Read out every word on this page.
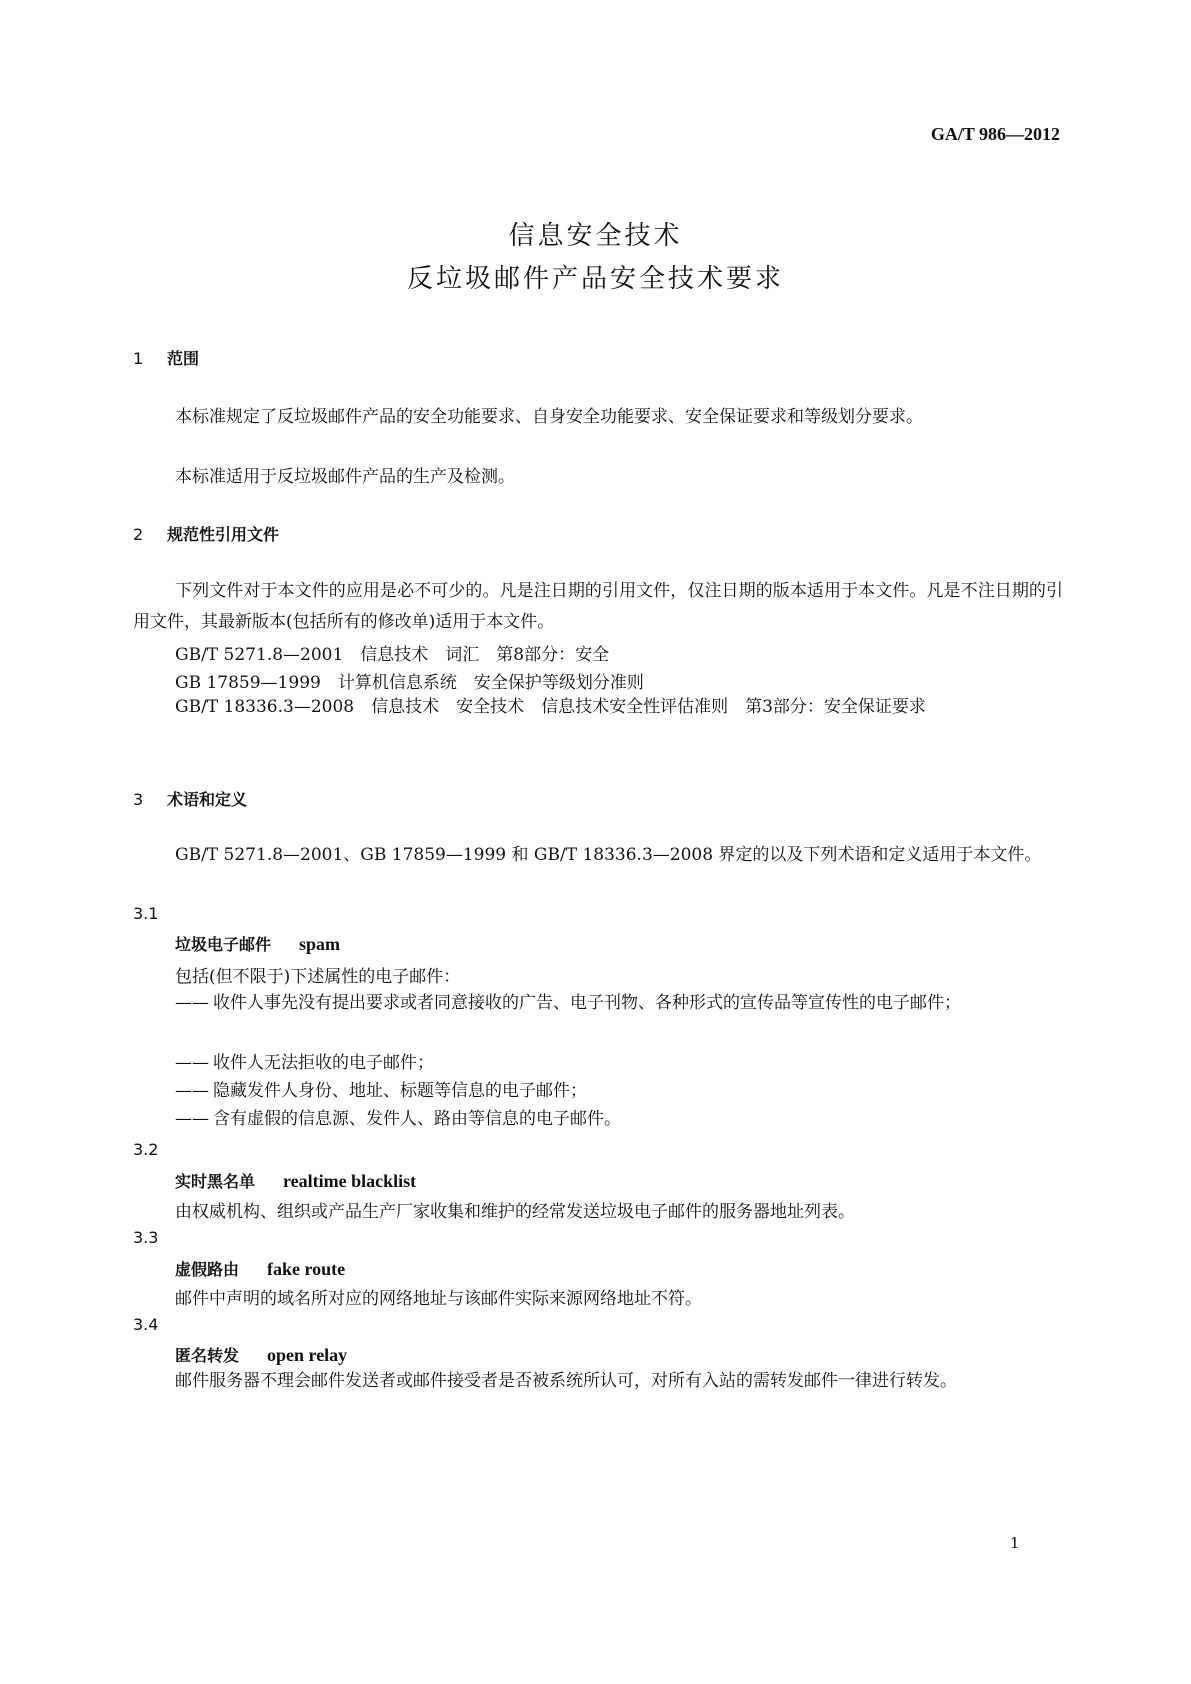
GA/T 986—2012
信息安全技术
反垃圾邮件产品安全技术要求
1 范围
本标准规定了反垃圾邮件产品的安全功能要求、自身安全功能要求、安全保证要求和等级划分要求。
本标准适用于反垃圾邮件产品的生产及检测。
2 规范性引用文件
下列文件对于本文件的应用是必不可少的。凡是注日期的引用文件，仅注日期的版本适用于本文件。凡是不注日期的引用文件，其最新版本(包括所有的修改单)适用于本文件。
GB/T 5271.8—2001　信息技术　词汇　第8部分：安全
GB 17859—1999　计算机信息系统　安全保护等级划分准则
GB/T 18336.3—2008　信息技术　安全技术　信息技术安全性评估准则　第3部分：安全保证要求
3 术语和定义
GB/T 5271.8—2001、GB 17859—1999 和 GB/T 18336.3—2008 界定的以及下列术语和定义适用于本文件。
3.1
垃圾电子邮件 spam
包括(但不限于)下述属性的电子邮件：
—— 收件人事先没有提出要求或者同意接收的广告、电子刊物、各种形式的宣传品等宣传性的电子邮件；
—— 收件人无法拒收的电子邮件；
—— 隐藏发件人身份、地址、标题等信息的电子邮件；
—— 含有虚假的信息源、发件人、路由等信息的电子邮件。
3.2
实时黑名单 realtime blacklist
由权威机构、组织或产品生产厂家收集和维护的经常发送垃圾电子邮件的服务器地址列表。
3.3
虚假路由 fake route
邮件中声明的域名所对应的网络地址与该邮件实际来源网络地址不符。
3.4
匿名转发 open relay
邮件服务器不理会邮件发送者或邮件接受者是否被系统所认可，对所有入站的需转发邮件一律进行转发。
1
